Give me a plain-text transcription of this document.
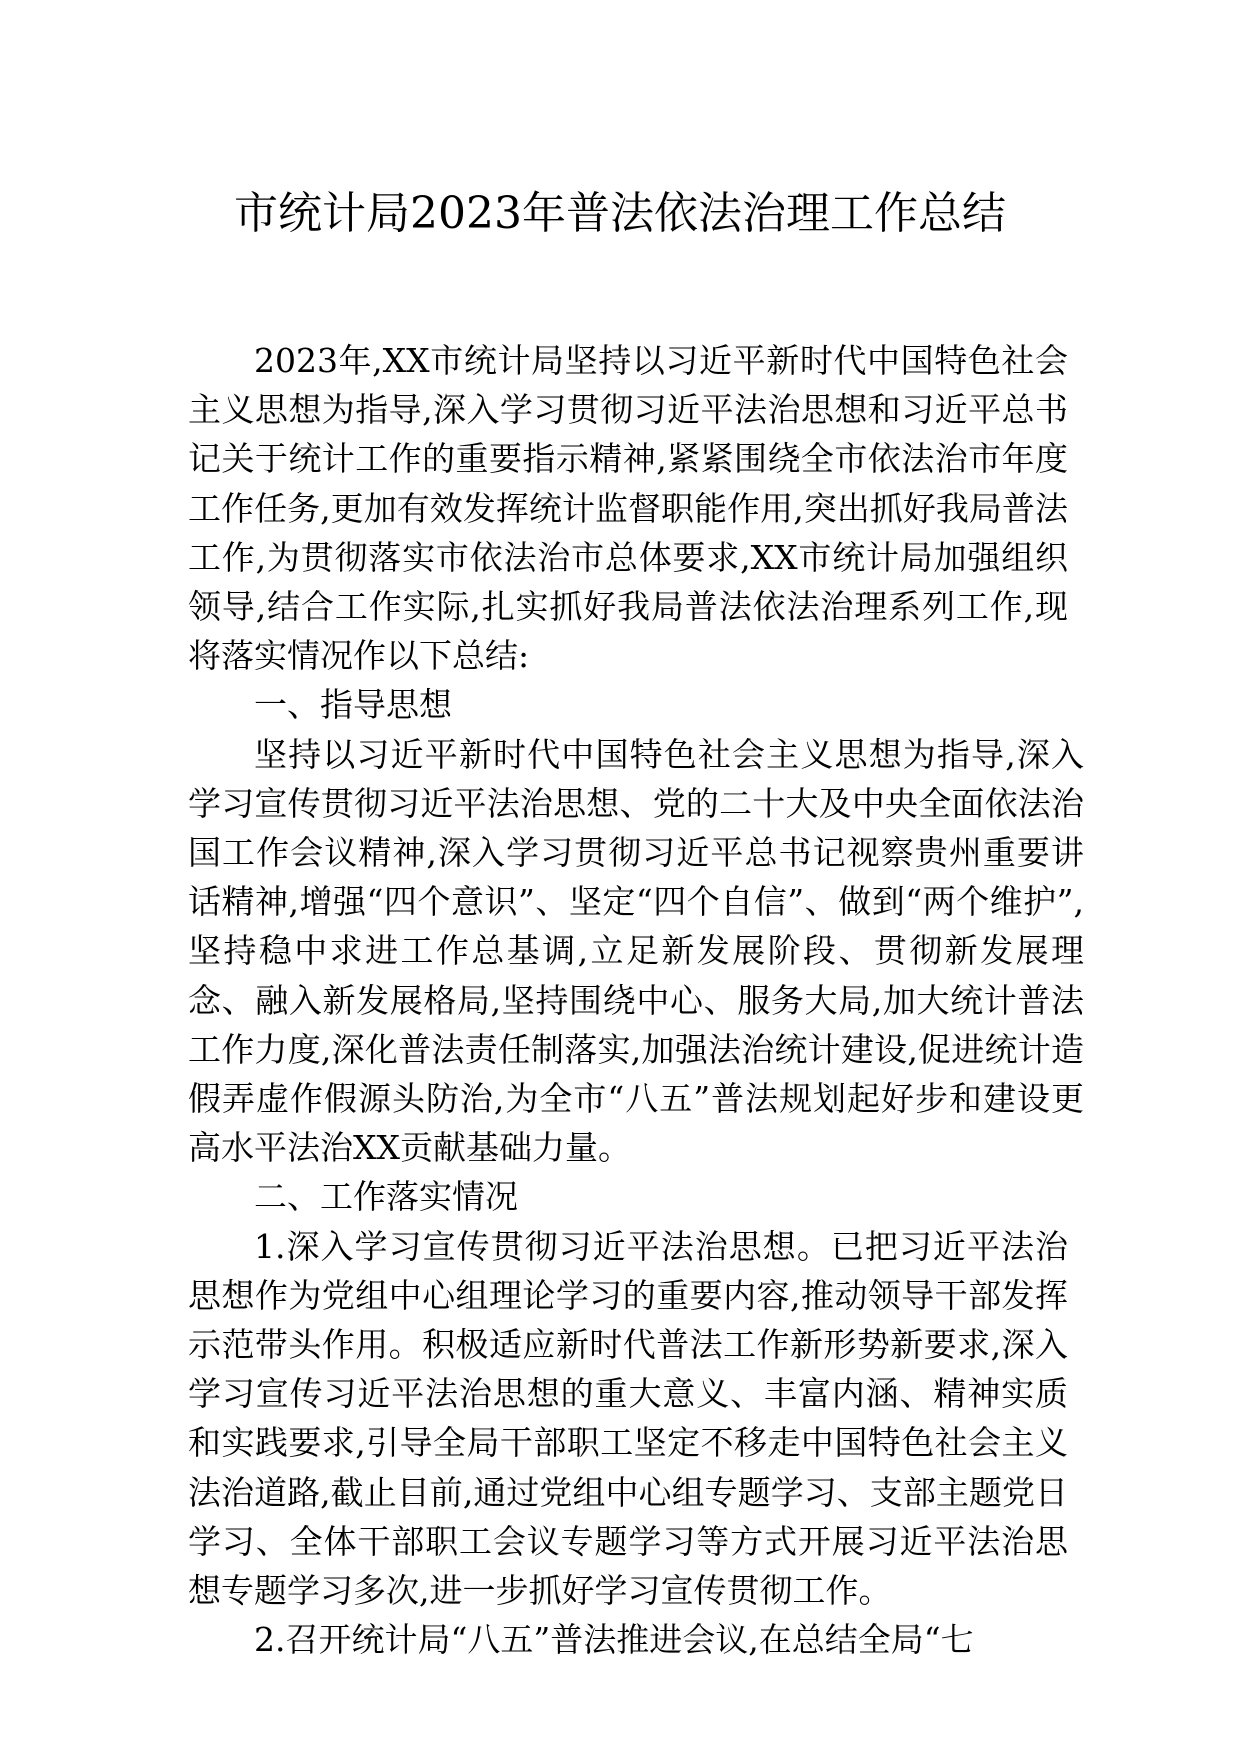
市统计局2023年普法依法治理工作总结

2023年,XX市统计局坚持以习近平新时代中国特色社会主义思想为指导,深入学习贯彻习近平法治思想和习近平总书记关于统计工作的重要指示精神,紧紧围绕全市依法治市年度工作任务,更加有效发挥统计监督职能作用,突出抓好我局普法工作,为贯彻落实市依法治市总体要求,XX市统计局加强组织领导,结合工作实际,扎实抓好我局普法依法治理系列工作,现将落实情况作以下总结:

一、指导思想

坚持以习近平新时代中国特色社会主义思想为指导,深入学习宣传贯彻习近平法治思想、党的二十大及中央全面依法治国工作会议精神,深入学习贯彻习近平总书记视察贵州重要讲话精神,增强“四个意识”、坚定“四个自信”、做到“两个维护”,坚持稳中求进工作总基调,立足新发展阶段、贯彻新发展理念、融入新发展格局,坚持围绕中心、服务大局,加大统计普法工作力度,深化普法责任制落实,加强法治统计建设,促进统计造假弄虚作假源头防治,为全市“八五”普法规划起好步和建设更高水平法治XX贡献基础力量。

二、工作落实情况

1.深入学习宣传贯彻习近平法治思想。已把习近平法治思想作为党组中心组理论学习的重要内容,推动领导干部发挥示范带头作用。积极适应新时代普法工作新形势新要求,深入学习宣传习近平法治思想的重大意义、丰富内涵、精神实质和实践要求,引导全局干部职工坚定不移走中国特色社会主义法治道路,截止目前,通过党组中心组专题学习、支部主题党日学习、全体干部职工会议专题学习等方式开展习近平法治思想专题学习多次,进一步抓好学习宣传贯彻工作。

2.召开统计局“八五”普法推进会议,在总结全局“七
